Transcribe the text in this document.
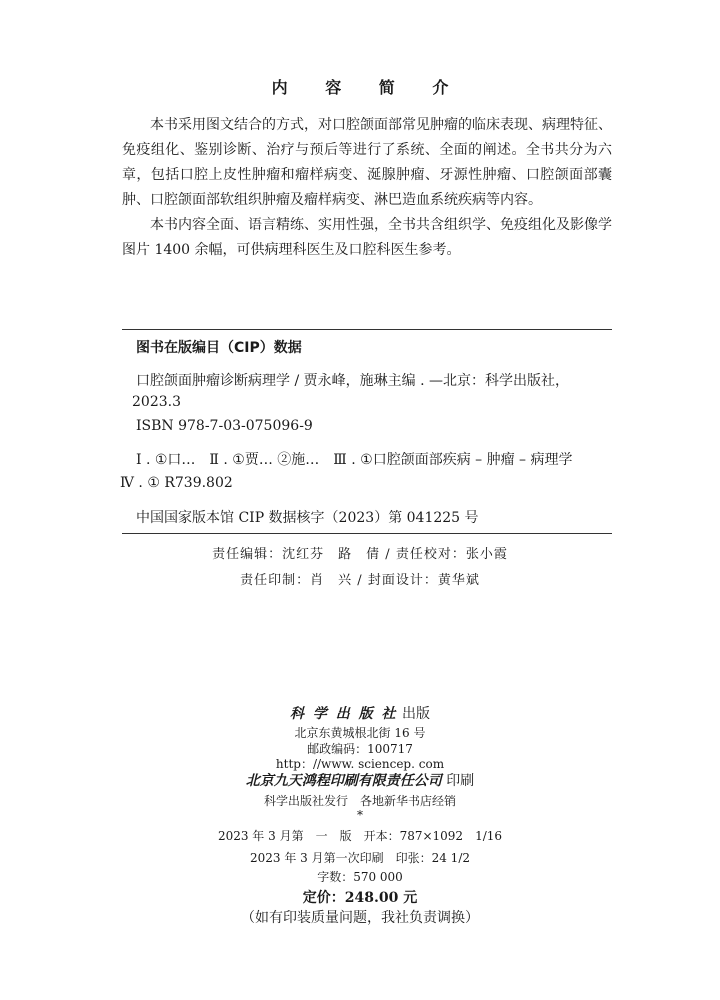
内 容 简 介

本书采用图文结合的方式，对口腔颌面部常见肿瘤的临床表现、病理特征、免疫组化、鉴别诊断、治疗与预后等进行了系统、全面的阐述。全书共分为六章，包括口腔上皮性肿瘤和瘤样病变、涎腺肿瘤、牙源性肿瘤、口腔颌面部囊肿、口腔颌面部软组织肿瘤及瘤样病变、淋巴造血系统疾病等内容。

本书内容全面、语言精练、实用性强，全书共含组织学、免疫组化及影像学图片 1400 余幅，可供病理科医生及口腔科医生参考。

图书在版编目（CIP）数据
口腔颌面肿瘤诊断病理学 / 贾永峰，施琳主编 . —北京：科学出版社，
2023.3
ISBN 978-7-03-075096-9
Ⅰ . ①口…　Ⅱ . ①贾… ②施…　Ⅲ . ①口腔颌面部疾病 – 肿瘤 – 病理学
Ⅳ . ① R739.802
中国国家版本馆 CIP 数据核字（2023）第 041225 号
责任编辑：沈红芬　路　倩 / 责任校对：张小霞
责任印制：肖　兴 / 封面设计：黄华斌
科 学 出 版 社 出版
北京东黄城根北街 16 号
邮政编码：100717
http：//www. sciencep. com
北京九天鸿程印刷有限责任公司 印刷
科学出版社发行　各地新华书店经销
*
2023 年 3 月第　一　版　开本：787×1092　1/16
2023 年 3 月第一次印刷　印张：24 1/2
字数：570 000
定价：248.00 元
（如有印装质量问题，我社负责调换）
